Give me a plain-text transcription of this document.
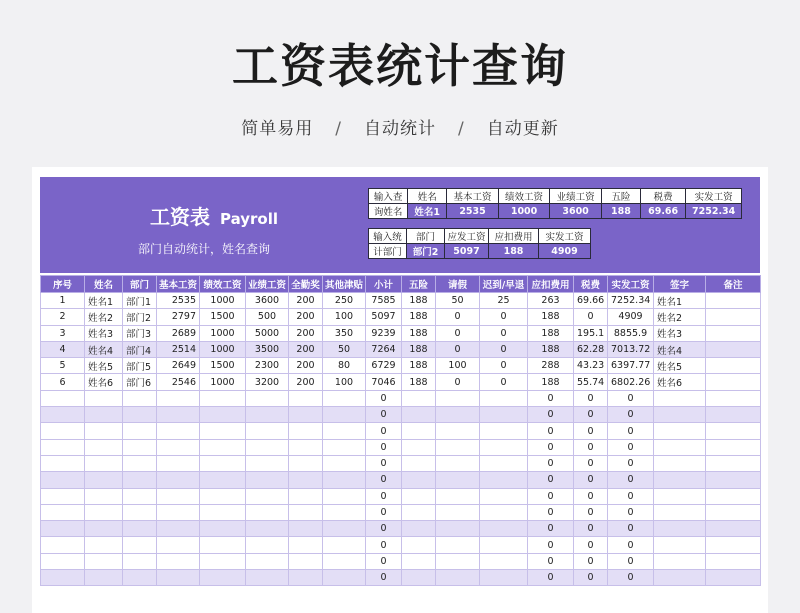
工资表统计查询
简单易用 / 自动统计 / 自动更新
工资表 Payroll
部门自动统计，姓名查询
输入查	姓名	基本工资	绩效工资	业绩工资	五险	税费	实发工资
询姓名	姓名1	2535	1000	3600	188	69.66	7252.34
输入统	部门	应发工资	应扣费用	实发工资
计部门	部门2	5097	188	4909
序号	姓名	部门	基本工资	绩效工资	业绩工资	全勤奖	其他津贴	小计	五险	请假	迟到/早退	应扣费用	税费	实发工资	签字	备注
1	姓名1	部门1	2535	1000	3600	200	250	7585	188	50	25	263	69.66	7252.34	姓名1	
2	姓名2	部门2	2797	1500	500	200	100	5097	188	0	0	188	0	4909	姓名2	
3	姓名3	部门3	2689	1000	5000	200	350	9239	188	0	0	188	195.1	8855.9	姓名3	
4	姓名4	部门4	2514	1000	3500	200	50	7264	188	0	0	188	62.28	7013.72	姓名4	
5	姓名5	部门5	2649	1500	2300	200	80	6729	188	100	0	288	43.23	6397.77	姓名5	
6	姓名6	部门6	2546	1000	3200	200	100	7046	188	0	0	188	55.74	6802.26	姓名6	
								0				0	0	0		
								0				0	0	0		
								0				0	0	0		
								0				0	0	0		
								0				0	0	0		
								0				0	0	0		
								0				0	0	0		
								0				0	0	0		
								0				0	0	0		
								0				0	0	0		
								0				0	0	0		
								0				0	0	0		
